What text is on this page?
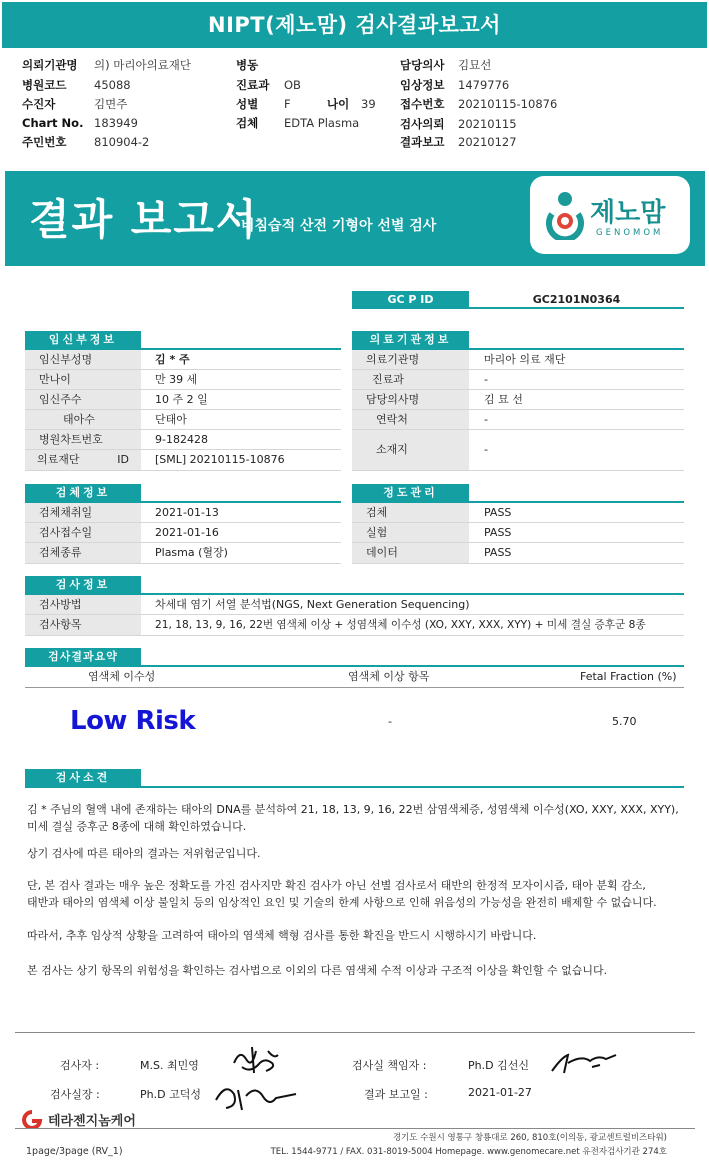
NIPT(제노맘) 검사결과보고서
의뢰기관명 의) 마리아의료재단
병원코드 45088
수진자	김면주
Chart No. 183949
주민번호 810904-2
병동
진료과 OB
성별 F	나이 39
검체 EDTA Plasma
담당의사 김묘선
임상정보 1479776
접수번호 20210115-10876
검사의뢰 20210115
결과보고 20210127
결과 보고서
비침습적 산전 기형아 선별 검사	제노맘
GENOMOM
GC P ID	GC2101N0364
임신부정보
임신부성명	김 * 주
만나이	만 39 세
임신주수	10 주 2 일
태아수	단태아
병원차트번호	9-182428
의료재단 ID	[SML] 20210115-10876
의료기관정보
의료기관명	마리아 의료 재단
진료과	-
담당의사명	김 묘 선
연락처	-
소재지	-
검체정보
검체채취일	2021-01-13
검사접수일	2021-01-16
검체종류	Plasma (혈장)
정도관리
검체	PASS
실험	PASS
데이터	PASS
검사정보
검사방법	차세대 염기 서열 분석법(NGS, Next Generation Sequencing)
검사항목	21, 18, 13, 9, 16, 22번 염색체 이상 + 성염색체 이수성 (XO, XXY, XXX, XYY) + 미세 결실 증후군 8종
검사결과요약
염색체 이수성	염색체 이상 항목	Fetal Fraction (%)
Low Risk	-	5.70
검사소견
김 * 주님의 혈액 내에 존재하는 태아의 DNA를 분석하여 21, 18, 13, 9, 16, 22번 삼염색체증, 성염색체 이수성(XO, XXY, XXX, XYY),
미세 결실 증후군 8종에 대해 확인하였습니다.
상기 검사에 따른 태아의 결과는 저위험군입니다.
단, 본 검사 결과는 매우 높은 정확도를 가진 검사지만 확진 검사가 아닌 선별 검사로서 태반의 한정적 모자이시즘, 태아 분획 감소,
태반과 태아의 염색체 이상 불일치 등의 임상적인 요인 및 기술의 한계 사항으로 인해 위음성의 가능성을 완전히 배제할 수 없습니다.
따라서, 추후 임상적 상황을 고려하여 태아의 염색체 핵형 검사를 통한 확진을 반드시 시행하시기 바랍니다.
본 검사는 상기 항목의 위험성을 확인하는 검사법으로 이외의 다른 염색체 수적 이상과 구조적 이상을 확인할 수 없습니다.
검사자 :	M.S. 최민영	검사실 책임자 :	Ph.D 김선신
검사실장 :	Ph.D 고덕성	결과 보고일 :	2021-01-27
테라젠지놈케어
1page/3page (RV_1)
경기도 수원시 영통구 창룡대로 260, 810호(이의동, 광교센트럴비즈타워)
TEL. 1544-9771 / FAX. 031-8019-5004 Homepage. www.genomecare.net 유전자검사기관 274호
